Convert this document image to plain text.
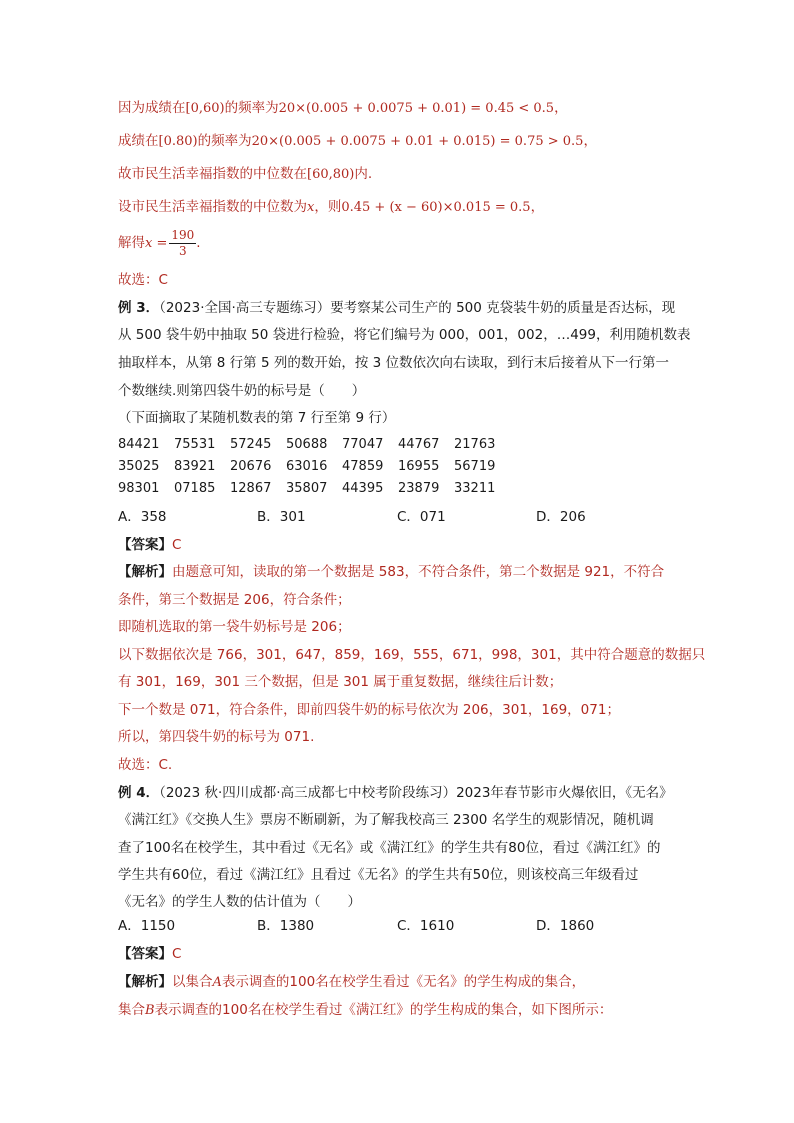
因为成绩在[0,60)的频率为20×(0.005 + 0.0075 + 0.01) = 0.45 < 0.5，
成绩在[0.80)的频率为20×(0.005 + 0.0075 + 0.01 + 0.015) = 0.75 > 0.5，
故市民生活幸福指数的中位数在[60,80)内.
设市民生活幸福指数的中位数为x，则0.45 + (x − 60)×0.015 = 0.5，
解得$x = \frac{190}{3}$ .
故选：C
例 3．（2023·全国·高三专题练习）要考察某公司生产的 500 克袋装牛奶的质量是否达标，现
从 500 袋牛奶中抽取 50 袋进行检验，将它们编号为 000，001，002，…499，利用随机数表
抽取样本，从第 8 行第 5 列的数开始，按 3 位数依次向右读取，到行末后接着从下一行第一
个数继续.则第四袋牛奶的标号是（　　）
（下面摘取了某随机数表的第 7 行至第 9 行）
84421 75531 57245 50688 77047 44767 21763
35025 83921 20676 63016 47859 16955 56719
98301 07185 12867 35807 44395 23879 33211
A．358	B．301	C．071	D．206
【答案】C
【解析】由题意可知，读取的第一个数据是 583，不符合条件，第二个数据是 921，不符合
条件，第三个数据是 206，符合条件；
即随机选取的第一袋牛奶标号是 206；
以下数据依次是 766，301，647，859，169，555，671，998，301，其中符合题意的数据只
有 301，169，301 三个数据，但是 301 属于重复数据，继续往后计数；
下一个数是 071，符合条件，即前四袋牛奶的标号依次为 206，301，169，071；
所以，第四袋牛奶的标号为 071.
故选：C.
例 4．（2023 秋·四川成都·高三成都七中校考阶段练习）2023年春节影市火爆依旧，《无名》
《满江红》《交换人生》票房不断刷新，为了解我校高三 2300 名学生的观影情况，随机调
查了100名在校学生，其中看过《无名》或《满江红》的学生共有80位，看过《满江红》的
学生共有60位，看过《满江红》且看过《无名》的学生共有50位，则该校高三年级看过
《无名》的学生人数的估计值为（　　）
A．1150	B．1380	C．1610	D．1860
【答案】C
【解析】以集合A表示调查的100名在校学生看过《无名》的学生构成的集合，
集合B表示调查的100名在校学生看过《满江红》的学生构成的集合，如下图所示：
